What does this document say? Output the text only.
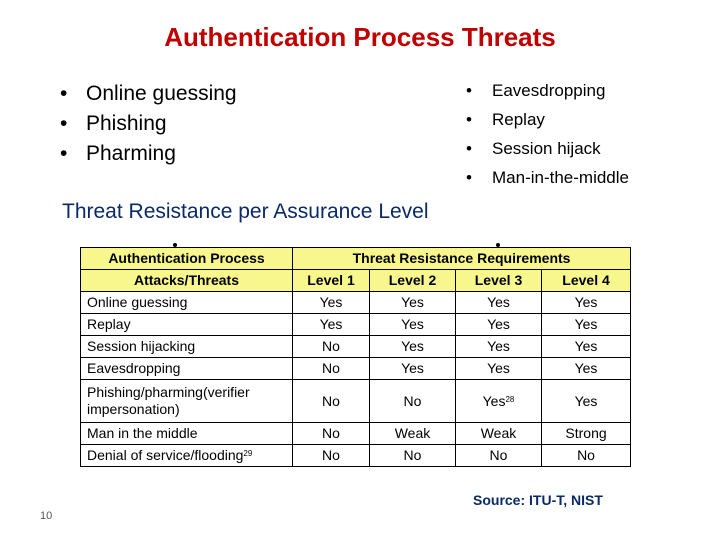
Authentication Process Threats
• Online guessing
• Phishing
• Pharming
• Eavesdropping
• Replay
• Session hijack
• Man-in-the-middle
Threat Resistance per Assurance Level
Authentication Process		Threat Resistance Requirements			
Attacks/Threats		Level 1	Level 2	Level 3	Level 4
Online guessing		Yes	Yes	Yes	Yes
Replay		Yes	Yes	Yes	Yes
Session hijacking		No	Yes	Yes	Yes
Eavesdropping		No	Yes	Yes	Yes
Phishing/pharming(verifier impersonation)		No	No	Yes$^{28}$	Yes
Man in the middle		No	Weak	Weak	Strong
Denial of service/flooding$^{29}$		No	No	No	No
Source: ITU-T, NIST
10
